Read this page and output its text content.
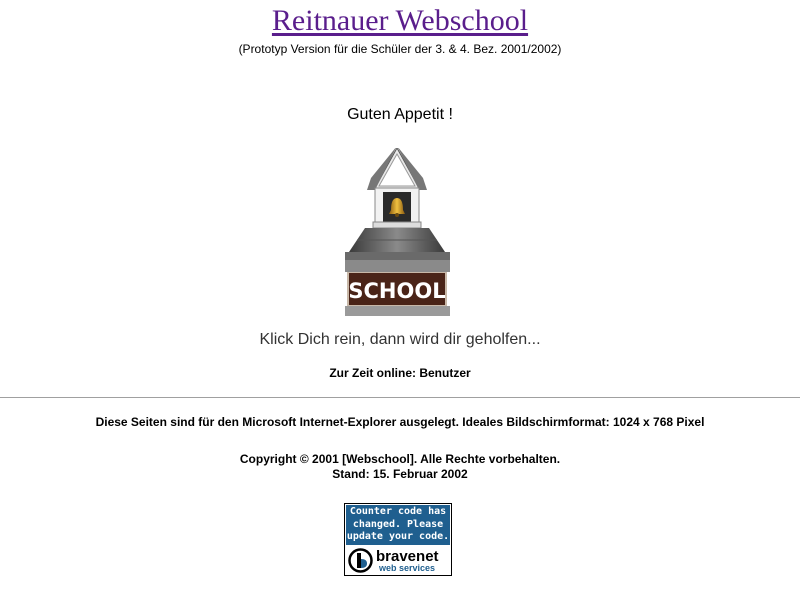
Reitnauer Webschool
(Prototyp Version für die Schüler der 3. & 4. Bez. 2001/2002)
Guten Appetit !
SCHOOL
Klick Dich rein, dann wird dir geholfen...
Zur Zeit online: Benutzer
Diese Seiten sind für den Microsoft Internet-Explorer ausgelegt. Ideales Bildschirmformat: 1024 x 768 Pixel
Copyright © 2001 [Webschool]. Alle Rechte vorbehalten.
Stand: 15. Februar 2002
Counter code has
changed. Please
update your code.
bravenet
web services
